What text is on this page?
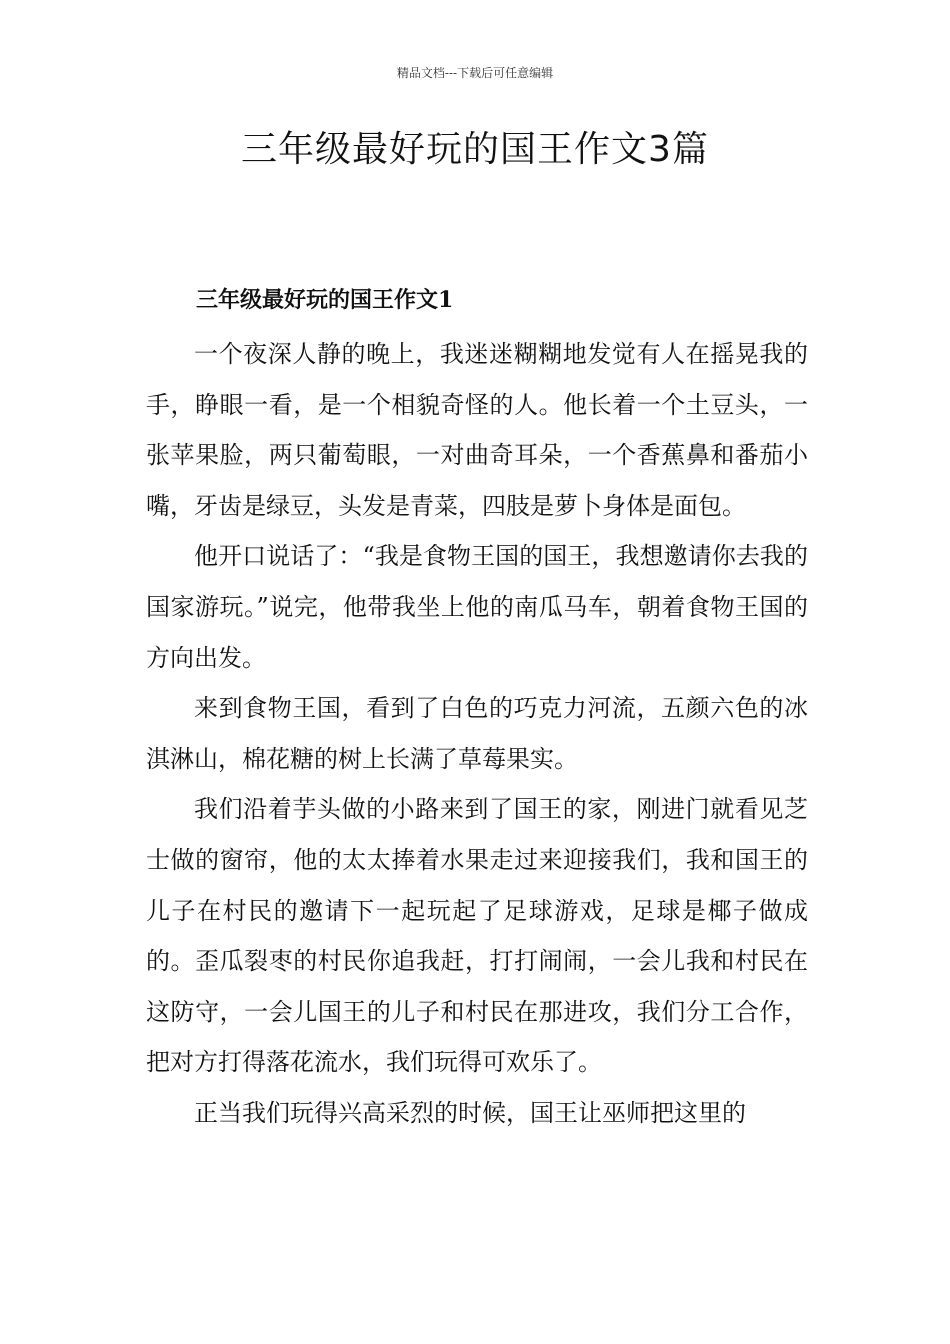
精品文档---下载后可任意编辑
三年级最好玩的国王作文3篇
三年级最好玩的国王作文1

一个夜深人静的晚上，我迷迷糊糊地发觉有人在摇晃我的手，睁眼一看，是一个相貌奇怪的人。他长着一个土豆头，一张苹果脸，两只葡萄眼，一对曲奇耳朵，一个香蕉鼻和番茄小嘴，牙齿是绿豆，头发是青菜，四肢是萝卜身体是面包。

他开口说话了：“我是食物王国的国王，我想邀请你去我的国家游玩。”说完，他带我坐上他的南瓜马车，朝着食物王国的方向出发。

来到食物王国，看到了白色的巧克力河流，五颜六色的冰淇淋山，棉花糖的树上长满了草莓果实。

我们沿着芋头做的小路来到了国王的家，刚进门就看见芝士做的窗帘，他的太太捧着水果走过来迎接我们，我和国王的儿子在村民的邀请下一起玩起了足球游戏，足球是椰子做成的。歪瓜裂枣的村民你追我赶，打打闹闹，一会儿我和村民在这防守，一会儿国王的儿子和村民在那进攻，我们分工合作，把对方打得落花流水，我们玩得可欢乐了。

正当我们玩得兴高采烈的时候，国王让巫师把这里的
